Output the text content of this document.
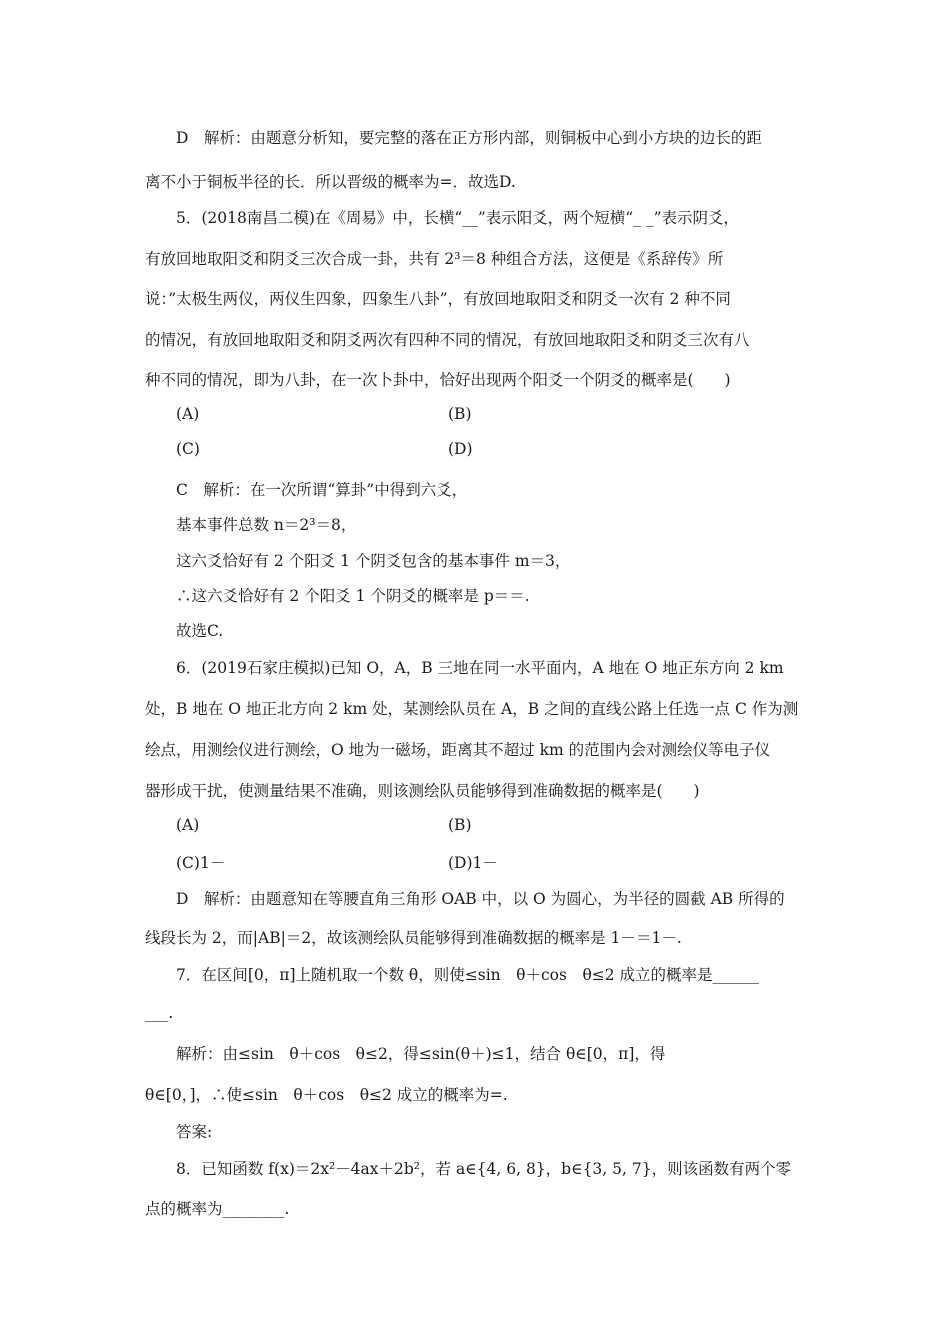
D　解析：由题意分析知，要完整的落在正方形内部，则铜板中心到小方块的边长的距
离不小于铜板半径的长．所以晋级的概率为=．故选D.
5．(2018南昌二模)在《周易》中，长横“__”表示阳爻，两个短横“_ _”表示阴爻，
有放回地取阳爻和阴爻三次合成一卦，共有 2³＝8 种组合方法，这便是《系辞传》所
说：”太极生两仪，两仪生四象，四象生八卦”，有放回地取阳爻和阴爻一次有 2 种不同
的情况，有放回地取阳爻和阴爻两次有四种不同的情况，有放回地取阳爻和阴爻三次有八
种不同的情况，即为八卦，在一次卜卦中，恰好出现两个阳爻一个阴爻的概率是(　　)
(A)	(B)
(C)	(D)
C　解析：在一次所谓“算卦”中得到六爻，
基本事件总数 n＝2³＝8，
这六爻恰好有 2 个阳爻 1 个阴爻包含的基本事件 m＝3，
∴这六爻恰好有 2 个阳爻 1 个阴爻的概率是 p＝＝.
故选C.
6．(2019石家庄模拟)已知 O，A，B 三地在同一水平面内，A 地在 O 地正东方向 2 km
处，B 地在 O 地正北方向 2 km 处，某测绘队员在 A，B 之间的直线公路上任选一点 C 作为测
绘点，用测绘仪进行测绘，O 地为一磁场，距离其不超过 km 的范围内会对测绘仪等电子仪
器形成干扰，使测量结果不准确，则该测绘队员能够得到准确数据的概率是(　　)
(A)	(B)
(C)1－	(D)1－
D　解析：由题意知在等腰直角三角形 OAB 中，以 O 为圆心，为半径的圆截 AB 所得的
线段长为 2，而|AB|＝2，故该测绘队员能够得到准确数据的概率是 1－＝1－.
7．在区间[0，π]上随机取一个数 θ，则使≤sin　θ＋cos　θ≤2 成立的概率是______
___.
解析：由≤sin　θ＋cos　θ≤2，得≤sin(θ＋)≤1，结合 θ∈[0，π]，得
θ∈[0，]，∴使≤sin　θ＋cos　θ≤2 成立的概率为=.
答案:
8．已知函数 f(x)＝2x²－4ax＋2b²，若 a∈{4, 6, 8}，b∈{3, 5, 7}，则该函数有两个零
点的概率为________.
